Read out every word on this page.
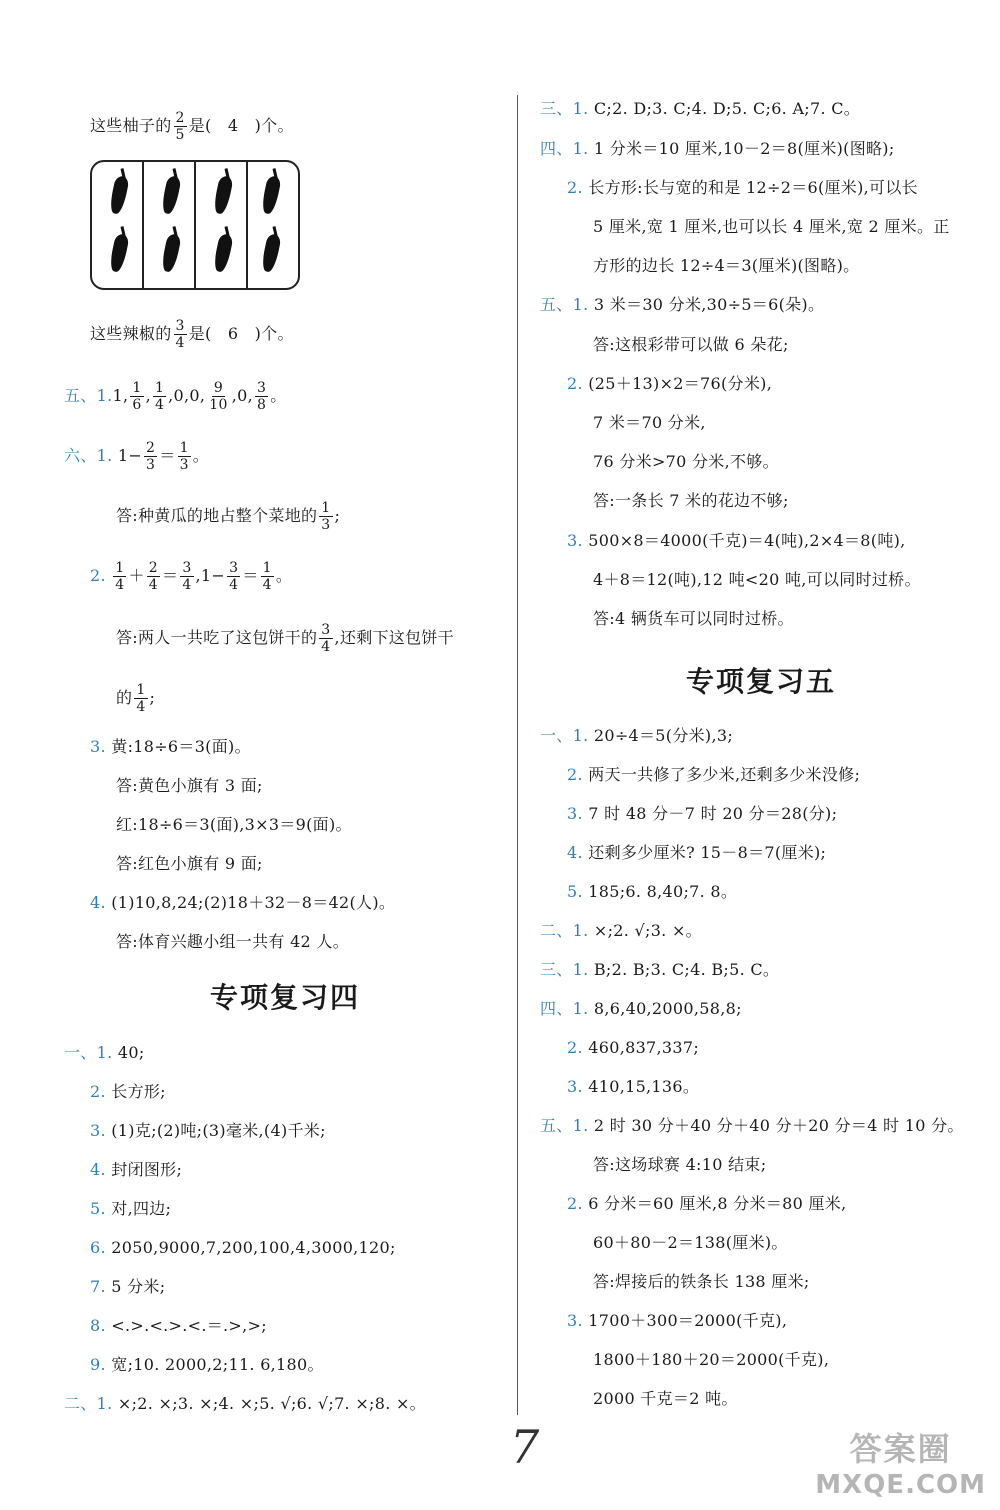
这些柚子的 $\frac{2}{5}$ 是(　4　)个。
这些辣椒的 $\frac{3}{4}$ 是(　6　)个。
五、1.1, $\frac{1}{6}$ , $\frac{1}{4} ,0,0$, $\frac{9}{10} ,0$, $\frac{3}{8}$ 。
六、1. $1- \frac{2}{3} = \frac{1}{3}$ 。
答:种黄瓜的地占整个菜地的 $\frac{1}{3}$ ;
2. $\frac{1}{4} + \frac{2}{4} = \frac{3}{4} ,1- \frac{3}{4} = \frac{1}{4}$ 。
答:两人一共吃了这包饼干的 $\frac{3}{4}$ ,还剩下这包饼干
的 $\frac{1}{4}$ ;
3. 黄:18÷6＝3(面)。
答:黄色小旗有 3 面;
红:18÷6＝3(面),3×3＝9(面)。
答:红色小旗有 9 面;
4. (1)10,8,24;(2)18＋32－8＝42(人)。
答:体育兴趣小组一共有 42 人。
专项复习四
一、1. 40;
2. 长方形;
3. (1)克;(2)吨;(3)毫米,(4)千米;
4. 封闭图形;
5. 对,四边;
6. 2050,9000,7,200,100,4,3000,120;
7. 5 分米;
8. <.>.<.>.<.＝.>,>;
9. 宽;10. 2000,2;11. 6,180。
二、1. ×;2. ×;3. ×;4. ×;5. √;6. √;7. ×;8. ×。
三、1. C;2. D;3. C;4. D;5. C;6. A;7. C。
四、1. 1 分米＝10 厘米,10－2＝8(厘米)(图略);
2. 长方形:长与宽的和是 12÷2＝6(厘米),可以长
5 厘米,宽 1 厘米,也可以长 4 厘米,宽 2 厘米。正
方形的边长 12÷4＝3(厘米)(图略)。
五、1. 3 米＝30 分米,30÷5＝6(朵)。
答:这根彩带可以做 6 朵花;
2. (25＋13)×2＝76(分米),
7 米＝70 分米,
76 分米>70 分米,不够。
答:一条长 7 米的花边不够;
3. 500×8＝4000(千克)＝4(吨),2×4＝8(吨),
4＋8＝12(吨),12 吨<20 吨,可以同时过桥。
答:4 辆货车可以同时过桥。
专项复习五
一、1. 20÷4＝5(分米),3;
2. 两天一共修了多少米,还剩多少米没修;
3. 7 时 48 分－7 时 20 分＝28(分);
4. 还剩多少厘米? 15－8＝7(厘米);
5. 185;6. 8,40;7. 8。
二、1. ×;2. √;3. ×。
三、1. B;2. B;3. C;4. B;5. C。
四、1. 8,6,40,2000,58,8;
2. 460,837,337;
3. 410,15,136。
五、1. 2 时 30 分＋40 分＋40 分＋20 分＝4 时 10 分。
答:这场球赛 4:10 结束;
2. 6 分米＝60 厘米,8 分米＝80 厘米,
60＋80－2＝138(厘米)。
答:焊接后的铁条长 138 厘米;
3. 1700＋300＝2000(千克),
1800＋180＋20＝2000(千克),
2000 千克＝2 吨。
7	答案圈
MXQE.COM
